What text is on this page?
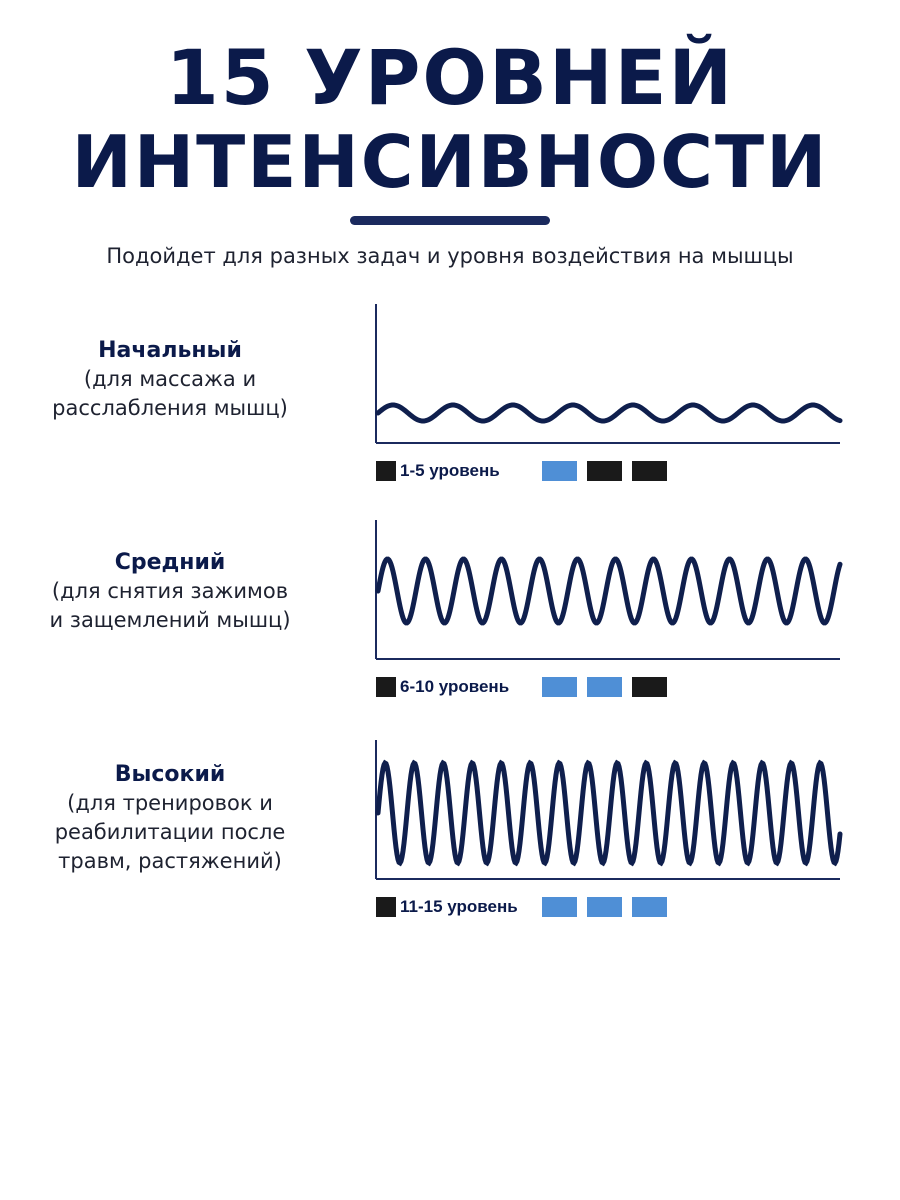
15 УРОВНЕЙ
ИНТЕНСИВНОСТИ
Подойдет для разных задач и уровня воздействия на мышцы
Начальный
(для массажа и
расслабления мышц)
1-5 уровень
Средний
(для снятия зажимов
и защемлений мышц)
6-10 уровень
Высокий
(для тренировок и
реабилитации после
травм, растяжений)
11-15 уровень
